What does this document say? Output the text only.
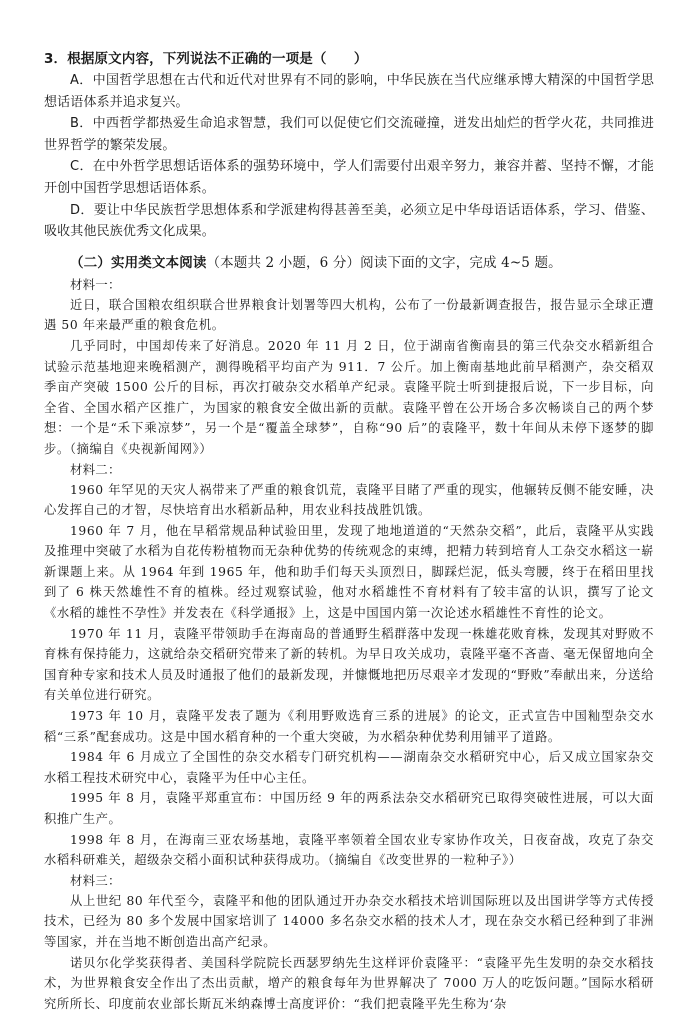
3．根据原文内容，下列说法不正确的一项是（　　）

A．中国哲学思想在古代和近代对世界有不同的影响，中华民族在当代应继承博大精深的中国哲学思想话语体系并追求复兴。

B．中西哲学都热爱生命追求智慧，我们可以促使它们交流碰撞，迸发出灿烂的哲学火花，共同推进世界哲学的繁荣发展。

C．在中外哲学思想话语体系的强势环境中，学人们需要付出艰辛努力，兼容并蓄、坚持不懈，才能开创中国哲学思想话语体系。

D．要让中华民族哲学思想体系和学派建构得甚善至美，必须立足中华母语话语体系，学习、借鉴、吸收其他民族优秀文化成果。

（二）实用类文本阅读（本题共 2 小题，6 分）阅读下面的文字，完成 4~5 题。

材料一：

近日，联合国粮农组织联合世界粮食计划署等四大机构，公布了一份最新调查报告，报告显示全球正遭遇 50 年来最严重的粮食危机。

几乎同时，中国却传来了好消息。2020 年 11 月 2 日，位于湖南省衡南县的第三代杂交水稻新组合试验示范基地迎来晚稻测产，测得晚稻平均亩产为 911．7 公斤。加上衡南基地此前早稻测产，杂交稻双季亩产突破 1500 公斤的目标，再次打破杂交水稻单产纪录。袁隆平院士听到捷报后说，下一步目标，向全省、全国水稻产区推广，为国家的粮食安全做出新的贡献。袁隆平曾在公开场合多次畅谈自己的两个梦想：一个是“禾下乘凉梦”，另一个是“覆盖全球梦”，自称“90 后”的袁隆平，数十年间从未停下逐梦的脚步。（摘编自《央视新闻网》）

材料二：

1960 年罕见的天灾人祸带来了严重的粮食饥荒，袁隆平目睹了严重的现实，他辗转反侧不能安睡，决心发挥自己的才智，尽快培育出水稻新品种，用农业科技战胜饥饿。

1960 年 7 月，他在早稻常规品种试验田里，发现了地地道道的“天然杂交稻”，此后，袁隆平从实践及推理中突破了水稻为自花传粉植物而无杂种优势的传统观念的束缚，把精力转到培育人工杂交水稻这一崭新课题上来。从 1964 年到 1965 年，他和助手们每天头顶烈日，脚踩烂泥，低头弯腰，终于在稻田里找到了 6 株天然雄性不育的植株。经过观察试验，他对水稻雄性不育材料有了较丰富的认识，撰写了论文《水稻的雄性不孕性》并发表在《科学通报》上，这是中国国内第一次论述水稻雄性不育性的论文。

1970 年 11 月，袁隆平带领助手在海南岛的普通野生稻群落中发现一株雄花败育株，发现其对野败不育株有保持能力，这就给杂交稻研究带来了新的转机。为早日攻关成功，袁隆平毫不吝啬、毫无保留地向全国育种专家和技术人员及时通报了他们的最新发现，并慷慨地把历尽艰辛才发现的“野败”奉献出来，分送给有关单位进行研究。

1973 年 10 月，袁隆平发表了题为《利用野败选育三系的进展》的论文，正式宣告中国籼型杂交水稻“三系”配套成功。这是中国水稻育种的一个重大突破，为水稻杂种优势利用铺平了道路。

1984 年 6 月成立了全国性的杂交水稻专门研究机构——湖南杂交水稻研究中心，后又成立国家杂交水稻工程技术研究中心，袁隆平为任中心主任。

1995 年 8 月，袁隆平郑重宣布：中国历经 9 年的两系法杂交水稻研究已取得突破性进展，可以大面积推广生产。

1998 年 8 月，在海南三亚农场基地，袁隆平率领着全国农业专家协作攻关，日夜奋战，攻克了杂交水稻科研难关，超级杂交稻小面积试种获得成功。（摘编自《改变世界的一粒种子》）

材料三：

从上世纪 80 年代至今，袁隆平和他的团队通过开办杂交水稻技术培训国际班以及出国讲学等方式传授技术，已经为 80 多个发展中国家培训了 14000 多名杂交水稻的技术人才，现在杂交水稻已经种到了非洲等国家，并在当地不断创造出高产纪录。

诺贝尔化学奖获得者、美国科学院院长西瑟罗纳先生这样评价袁隆平：“袁隆平先生发明的杂交水稻技术，为世界粮食安全作出了杰出贡献，增产的粮食每年为世界解决了 7000 万人的吃饭问题。”国际水稻研究所所长、印度前农业部长斯瓦米纳森博士高度评价：“我们把袁隆平先生称为‘杂
